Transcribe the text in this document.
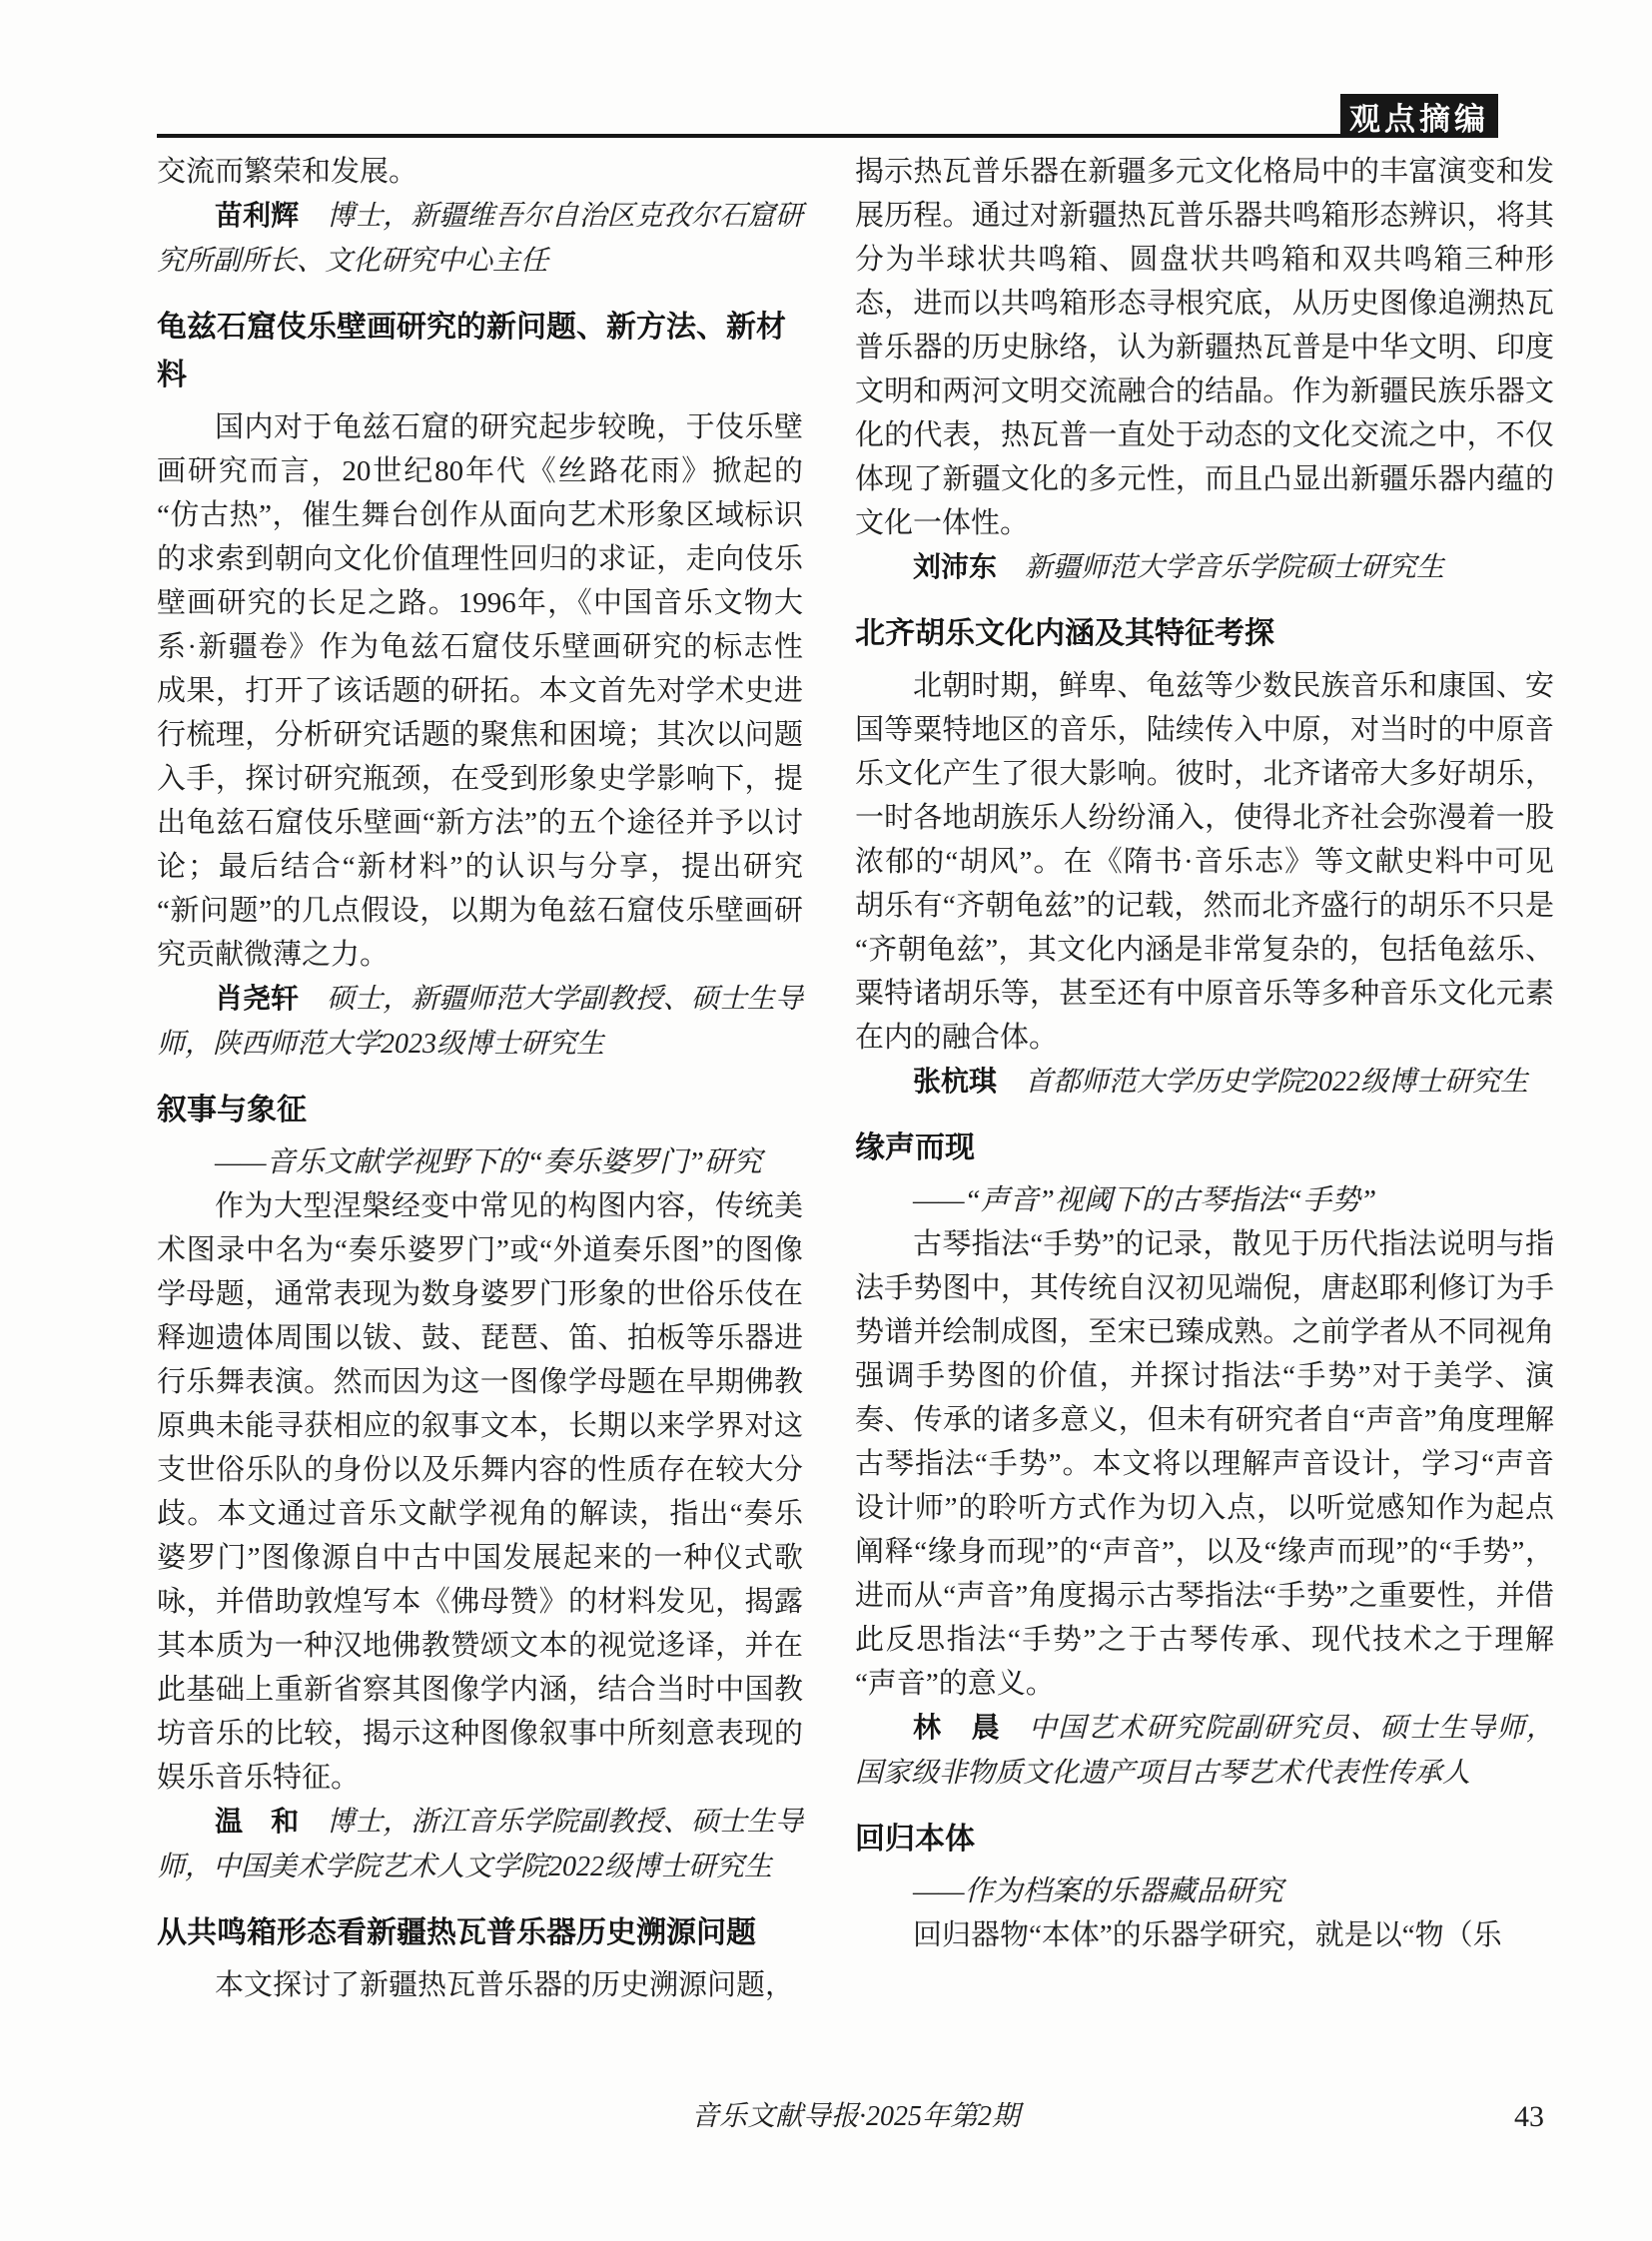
观点摘编

交流而繁荣和发展。

苗利辉 博士，新疆维吾尔自治区克孜尔石窟研究所副所长、文化研究中心主任

龟兹石窟伎乐壁画研究的新问题、新方法、新材料

国内对于龟兹石窟的研究起步较晚，于伎乐壁画研究而言，20世纪80年代《丝路花雨》掀起的“仿古热”，催生舞台创作从面向艺术形象区域标识的求索到朝向文化价值理性回归的求证，走向伎乐壁画研究的长足之路。1996年，《中国音乐文物大系·新疆卷》作为龟兹石窟伎乐壁画研究的标志性成果，打开了该话题的研拓。本文首先对学术史进行梳理，分析研究话题的聚焦和困境；其次以问题入手，探讨研究瓶颈，在受到形象史学影响下，提出龟兹石窟伎乐壁画“新方法”的五个途径并予以讨论；最后结合“新材料”的认识与分享，提出研究“新问题”的几点假设，以期为龟兹石窟伎乐壁画研究贡献微薄之力。

肖尧轩 硕士，新疆师范大学副教授、硕士生导师，陕西师范大学2023级博士研究生

叙事与象征

——音乐文献学视野下的“奏乐婆罗门”研究

作为大型涅槃经变中常见的构图内容，传统美术图录中名为“奏乐婆罗门”或“外道奏乐图”的图像学母题，通常表现为数身婆罗门形象的世俗乐伎在释迦遗体周围以钹、鼓、琵琶、笛、拍板等乐器进行乐舞表演。然而因为这一图像学母题在早期佛教原典未能寻获相应的叙事文本，长期以来学界对这支世俗乐队的身份以及乐舞内容的性质存在较大分歧。本文通过音乐文献学视角的解读，指出“奏乐婆罗门”图像源自中古中国发展起来的一种仪式歌咏，并借助敦煌写本《佛母赞》的材料发见，揭露其本质为一种汉地佛教赞颂文本的视觉迻译，并在此基础上重新省察其图像学内涵，结合当时中国教坊音乐的比较，揭示这种图像叙事中所刻意表现的娱乐音乐特征。

温　和 博士，浙江音乐学院副教授、硕士生导师，中国美术学院艺术人文学院2022级博士研究生

从共鸣箱形态看新疆热瓦普乐器历史溯源问题

本文探讨了新疆热瓦普乐器的历史溯源问题，

揭示热瓦普乐器在新疆多元文化格局中的丰富演变和发展历程。通过对新疆热瓦普乐器共鸣箱形态辨识，将其分为半球状共鸣箱、圆盘状共鸣箱和双共鸣箱三种形态，进而以共鸣箱形态寻根究底，从历史图像追溯热瓦普乐器的历史脉络，认为新疆热瓦普是中华文明、印度文明和两河文明交流融合的结晶。作为新疆民族乐器文化的代表，热瓦普一直处于动态的文化交流之中，不仅体现了新疆文化的多元性，而且凸显出新疆乐器内蕴的文化一体性。

刘沛东 新疆师范大学音乐学院硕士研究生

北齐胡乐文化内涵及其特征考探

北朝时期，鲜卑、龟兹等少数民族音乐和康国、安国等粟特地区的音乐，陆续传入中原，对当时的中原音乐文化产生了很大影响。彼时，北齐诸帝大多好胡乐，一时各地胡族乐人纷纷涌入，使得北齐社会弥漫着一股浓郁的“胡风”。在《隋书·音乐志》等文献史料中可见胡乐有“齐朝龟兹”的记载，然而北齐盛行的胡乐不只是“齐朝龟兹”，其文化内涵是非常复杂的，包括龟兹乐、粟特诸胡乐等，甚至还有中原音乐等多种音乐文化元素在内的融合体。

张杭琪 首都师范大学历史学院2022级博士研究生

缘声而现

——“声音”视阈下的古琴指法“手势”

古琴指法“手势”的记录，散见于历代指法说明与指法手势图中，其传统自汉初见端倪，唐赵耶利修订为手势谱并绘制成图，至宋已臻成熟。之前学者从不同视角强调手势图的价值，并探讨指法“手势”对于美学、演奏、传承的诸多意义，但未有研究者自“声音”角度理解古琴指法“手势”。本文将以理解声音设计，学习“声音设计师”的聆听方式作为切入点，以听觉感知作为起点阐释“缘身而现”的“声音”，以及“缘声而现”的“手势”，进而从“声音”角度揭示古琴指法“手势”之重要性，并借此反思指法“手势”之于古琴传承、现代技术之于理解“声音”的意义。

林　晨 中国艺术研究院副研究员、硕士生导师，国家级非物质文化遗产项目古琴艺术代表性传承人

回归本体

——作为档案的乐器藏品研究

回归器物“本体”的乐器学研究，就是以“物（乐

音乐文献导报·2025年第2期	43
